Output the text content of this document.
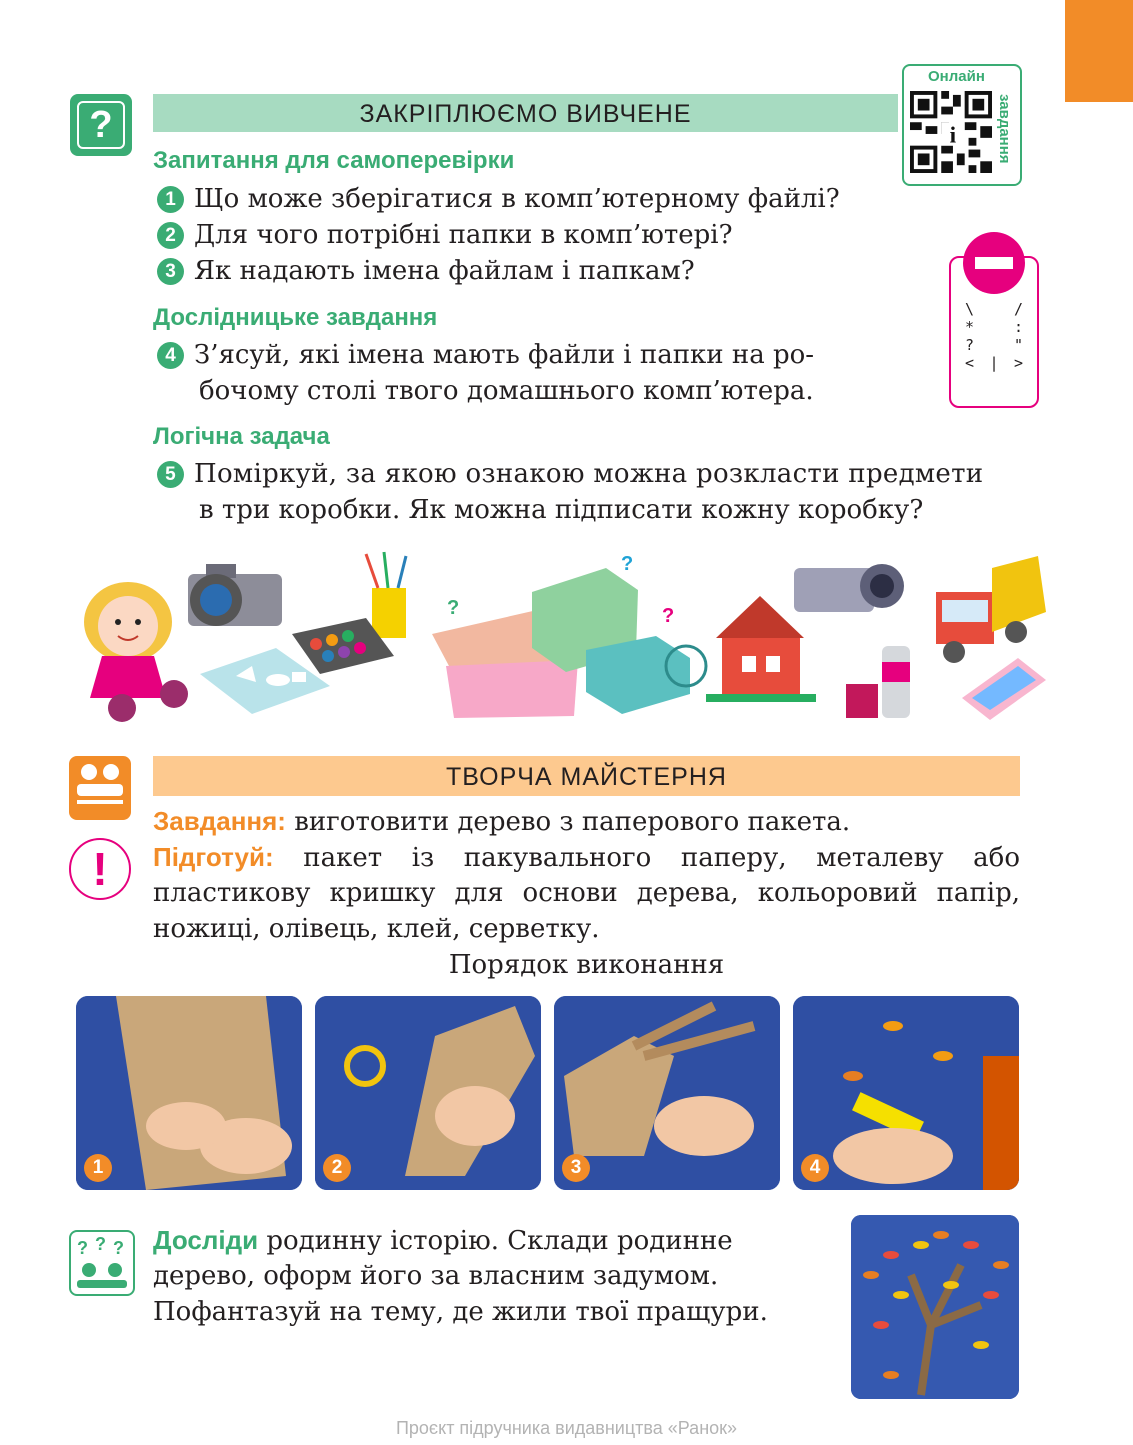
?	ЗАКРІПЛЮЄМО ВИВЧЕНЕ
Онлайн
завдання
i
Запитання для самоперевірки
1 Що може зберігатися в комп’ютерному файлі?
2 Для чого потрібні папки в комп’ютері?
3 Як надають імена файлам і папкам?
\	/
*	:
?	"
< | >
Дослідницьке завдання
4 З’ясуй, які імена мають файли і папки на ро-
бочому столі твого домашнього комп’ютера.
Логічна задача
5 Поміркуй, за якою ознакою можна розкласти предмети
в три коробки. Як можна підписати кожну коробку?
?
?
?
ТВОРЧА МАЙСТЕРНЯ
Завдання: виготовити дерево з паперового пакета.
!	Підготуй: пакет із пакувального паперу, металеву або
пластикову кришку для основи дерева, кольоровий папір,
ножиці, олівець, клей, серветку.
Порядок виконання
1	2	3	4
? ? ? Досліди родинну історію. Склади родинне
дерево, оформ його за власним задумом.
Пофантазуй на тему, де жили твої пращури.
Проєкт підручника видавництва «Ранок»
